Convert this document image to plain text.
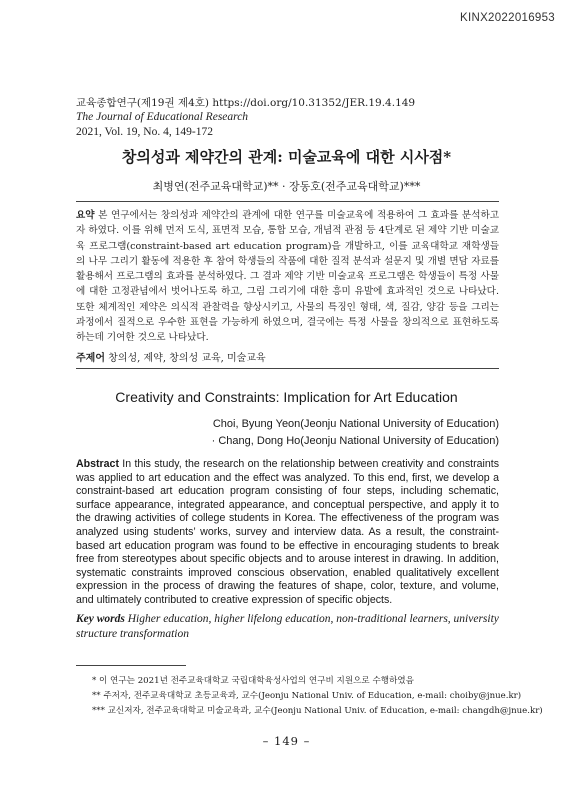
KINX2022016953
교육종합연구(제19권 제4호) https://doi.org/10.31352/JER.19.4.149
The Journal of Educational Research
2021, Vol. 19, No. 4, 149-172
창의성과 제약간의 관계: 미술교육에 대한 시사점*
최병연(전주교육대학교)** · 장동호(전주교육대학교)***
요약 본 연구에서는 창의성과 제약간의 관계에 대한 연구를 미술교육에 적용하여 그 효과를 분석하고자 하였다. 이를 위해 먼저 도식, 표면적 모습, 통합 모습, 개념적 관점 등 4단계로 된 제약 기반 미술교육 프로그램(constraint-based art education program)을 개발하고, 이를 교육대학교 재학생들의 나무 그리기 활동에 적용한 후 참여 학생들의 작품에 대한 질적 분석과 설문지 및 개별 면담 자료를 활용해서 프로그램의 효과를 분석하였다. 그 결과 제약 기반 미술교육 프로그램은 학생들이 특정 사물에 대한 고정관념에서 벗어나도록 하고, 그림 그리기에 대한 흥미 유발에 효과적인 것으로 나타났다. 또한 체계적인 제약은 의식적 관찰력을 향상시키고, 사물의 특징인 형태, 색, 질감, 양감 등을 그리는 과정에서 질적으로 우수한 표현을 가능하게 하였으며, 결국에는 특정 사물을 창의적으로 표현하도록 하는데 기여한 것으로 나타났다.
주제어 창의성, 제약, 창의성 교육, 미술교육
Creativity and Constraints: Implication for Art Education
Choi, Byung Yeon(Jeonju National University of Education)
· Chang, Dong Ho(Jeonju National University of Education)
Abstract In this study, the research on the relationship between creativity and constraints was applied to art education and the effect was analyzed. To this end, first, we develop a constraint-based art education program consisting of four steps, including schematic, surface appearance, integrated appearance, and conceptual perspective, and apply it to the drawing activities of college students in Korea. The effectiveness of the program was analyzed using students’ works, survey and interview data. As a result, the constraint-based art education program was found to be effective in encouraging students to break free from stereotypes about specific objects and to arouse interest in drawing. In addition, systematic constraints improved conscious observation, enabled qualitatively excellent expression in the process of drawing the features of shape, color, texture, and volume, and ultimately contributed to creative expression of specific objects.
Key words Higher education, higher lifelong education, non-traditional learners, university structure transformation
* 이 연구는 2021년 전주교육대학교 국립대학육성사업의 연구비 지원으로 수행하였음
** 주저자, 전주교육대학교 초등교육과, 교수(Jeonju National Univ. of Education, e-mail: choiby@jnue.kr)
*** 교신저자, 전주교육대학교 미술교육과, 교수(Jeonju National Univ. of Education, e-mail: changdh@jnue.kr)
– 149 –
